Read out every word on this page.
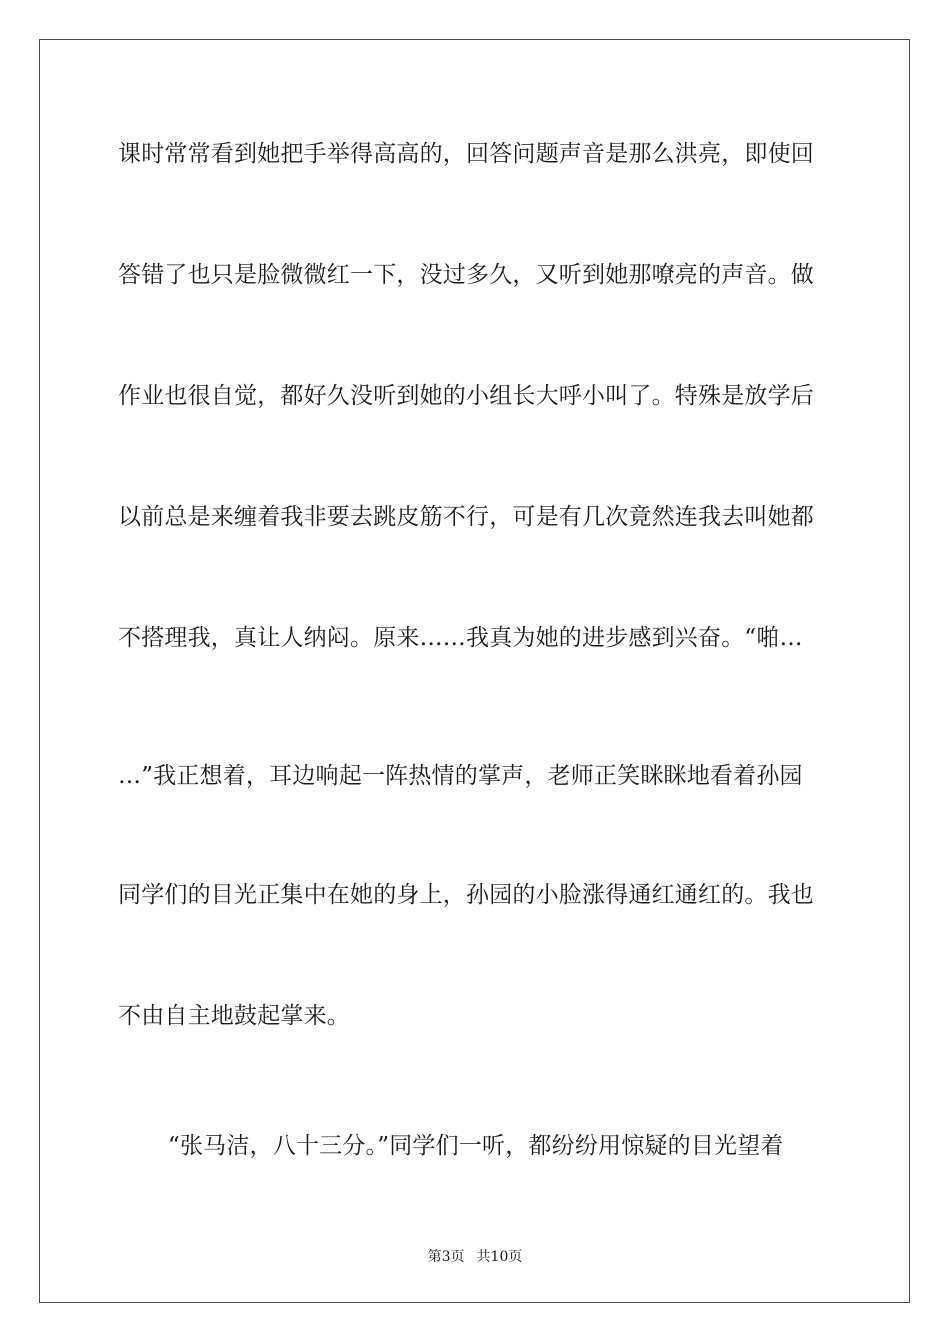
课时常常看到她把手举得高高的，回答问题声音是那么洪亮，即使回
答错了也只是脸微微红一下，没过多久，又听到她那嘹亮的声音。做
作业也很自觉，都好久没听到她的小组长大呼小叫了。特殊是放学后
以前总是来缠着我非要去跳皮筋不行，可是有几次竟然连我去叫她都
不搭理我，真让人纳闷。原来……我真为她的进步感到兴奋。“啪…
…”我正想着，耳边响起一阵热情的掌声，老师正笑眯眯地看着孙园
同学们的目光正集中在她的身上，孙园的小脸涨得通红通红的。我也
不由自主地鼓起掌来。
“张马洁，八十三分。”同学们一听，都纷纷用惊疑的目光望着
第3页 共10页
